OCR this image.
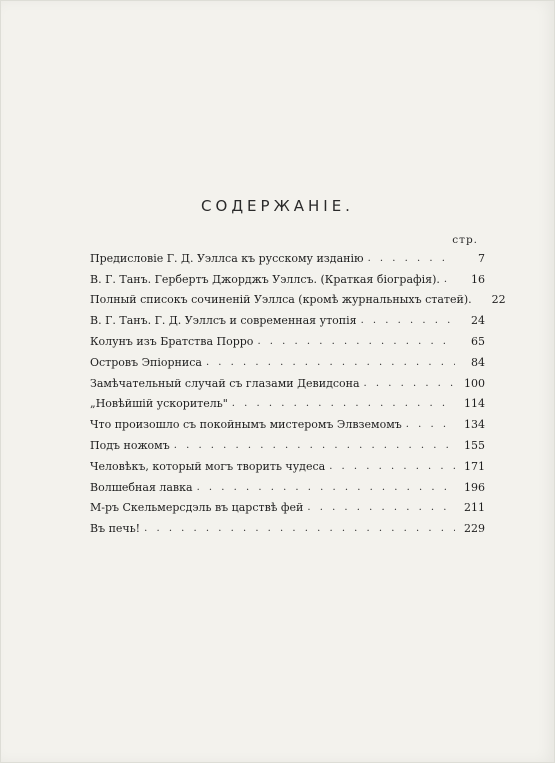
СОДЕРЖАНІЕ.
стр.
Предисловіе Г. Д. Уэллса къ русскому изданію . . .	7
В. Г. Танъ. Гербертъ Джорджъ Уэллсъ. (Краткая біографія). . . .	16
Полный списокъ сочиненій Уэллса (кромѣ журнальныхъ статей).	22
В. Г. Танъ. Г. Д. Уэллсъ и современная утопія . . .	24
Колунъ изъ Братства Порро . . .	65
Островъ Эпіорниса . . .	84
Замѣчательный случай съ глазами Девидсона . . .	100
„Новѣйшій ускоритель" . . .	114
Что произошло съ покойнымъ мистеромъ Элвземомъ . . .	134
Подъ ножомъ . . .	155
Человѣкъ, который могъ творить чудеса . . .	171
Волшебная лавка . . .	196
М-ръ Скельмерсдэль въ царствѣ фей . . .	211
Въ печь! . . .	229
